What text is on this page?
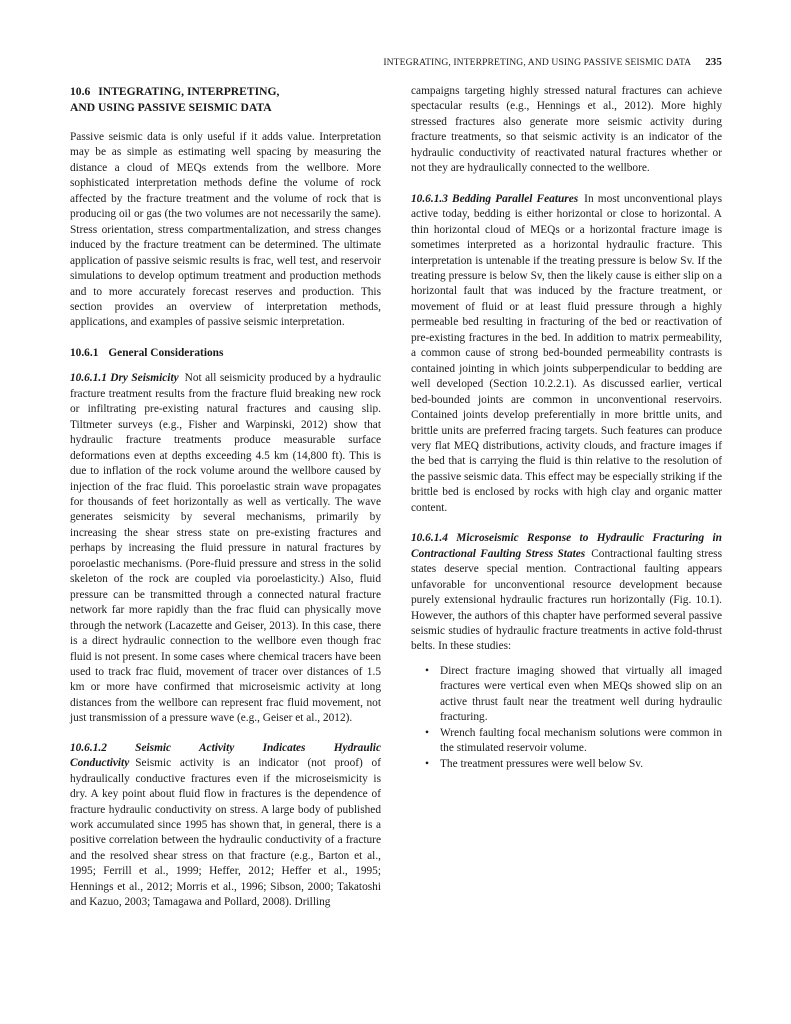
INTEGRATING, INTERPRETING, AND USING PASSIVE SEISMIC DATA 235
10.6 INTEGRATING, INTERPRETING,
AND USING PASSIVE SEISMIC DATA

Passive seismic data is only useful if it adds value. Interpretation may be as simple as estimating well spacing by measuring the distance a cloud of MEQs extends from the wellbore. More sophisticated interpretation methods define the volume of rock affected by the fracture treatment and the volume of rock that is producing oil or gas (the two volumes are not necessarily the same). Stress orientation, stress compartmentalization, and stress changes induced by the fracture treatment can be determined. The ultimate application of passive seismic results is frac, well test, and reservoir simulations to develop optimum treatment and production methods and to more accurately forecast reserves and production. This section provides an overview of interpretation methods, applications, and examples of passive seismic interpretation.

10.6.1 General Considerations

10.6.1.1 Dry Seismicity Not all seismicity produced by a hydraulic fracture treatment results from the fracture fluid breaking new rock or infiltrating pre-existing natural fractures and causing slip. Tiltmeter surveys (e.g., Fisher and Warpinski, 2012) show that hydraulic fracture treatments produce measurable surface deformations even at depths exceeding 4.5 km (14,800 ft). This is due to inflation of the rock volume around the wellbore caused by injection of the frac fluid. This poroelastic strain wave propagates for thousands of feet horizontally as well as vertically. The wave generates seismicity by several mechanisms, primarily by increasing the shear stress state on pre-existing fractures and perhaps by increasing the fluid pressure in natural fractures by poroelastic mechanisms. (Pore-fluid pressure and stress in the solid skeleton of the rock are coupled via poroelasticity.) Also, fluid pressure can be transmitted through a connected natural fracture network far more rapidly than the frac fluid can physically move through the network (Lacazette and Geiser, 2013). In this case, there is a direct hydraulic connection to the wellbore even though frac fluid is not present. In some cases where chemical tracers have been used to track frac fluid, movement of tracer over distances of 1.5 km or more have confirmed that microseismic activity at long distances from the wellbore can represent frac fluid movement, not just transmission of a pressure wave (e.g., Geiser et al., 2012).

10.6.1.2 Seismic Activity Indicates Hydraulic Conductivity Seismic activity is an indicator (not proof) of hydraulically conductive fractures even if the microseismicity is dry. A key point about fluid flow in fractures is the dependence of fracture hydraulic conductivity on stress. A large body of published work accumulated since 1995 has shown that, in general, there is a positive correlation between the hydraulic conductivity of a fracture and the resolved shear stress on that fracture (e.g., Barton et al., 1995; Ferrill et al., 1999; Heffer, 2012; Heffer et al., 1995; Hennings et al., 2012; Morris et al., 1996; Sibson, 2000; Takatoshi and Kazuo, 2003; Tamagawa and Pollard, 2008). Drilling

campaigns targeting highly stressed natural fractures can achieve spectacular results (e.g., Hennings et al., 2012). More highly stressed fractures also generate more seismic activity during fracture treatments, so that seismic activity is an indicator of the hydraulic conductivity of reactivated natural fractures whether or not they are hydraulically connected to the wellbore.

10.6.1.3 Bedding Parallel Features In most unconventional plays active today, bedding is either horizontal or close to horizontal. A thin horizontal cloud of MEQs or a horizontal fracture image is sometimes interpreted as a horizontal hydraulic fracture. This interpretation is untenable if the treating pressure is below Sv. If the treating pressure is below Sv, then the likely cause is either slip on a horizontal fault that was induced by the fracture treatment, or movement of fluid or at least fluid pressure through a highly permeable bed resulting in fracturing of the bed or reactivation of pre-existing fractures in the bed. In addition to matrix permeability, a common cause of strong bed-bounded permeability contrasts is contained jointing in which joints subperpendicular to bedding are well developed (Section 10.2.2.1). As discussed earlier, vertical bed-bounded joints are common in unconventional reservoirs. Contained joints develop preferentially in more brittle units, and brittle units are preferred fracing targets. Such features can produce very flat MEQ distributions, activity clouds, and fracture images if the bed that is carrying the fluid is thin relative to the resolution of the passive seismic data. This effect may be especially striking if the brittle bed is enclosed by rocks with high clay and organic matter content.

10.6.1.4 Microseismic Response to Hydraulic Fracturing in Contractional Faulting Stress States Contractional faulting stress states deserve special mention. Contractional faulting appears unfavorable for unconventional resource development because purely extensional hydraulic fractures run horizontally (Fig. 10.1). However, the authors of this chapter have performed several passive seismic studies of hydraulic fracture treatments in active fold-thrust belts. In these studies:

• Direct fracture imaging showed that virtually all imaged fractures were vertical even when MEQs showed slip on an active thrust fault near the treatment well during hydraulic fracturing.
• Wrench faulting focal mechanism solutions were common in the stimulated reservoir volume.
• The treatment pressures were well below Sv.
